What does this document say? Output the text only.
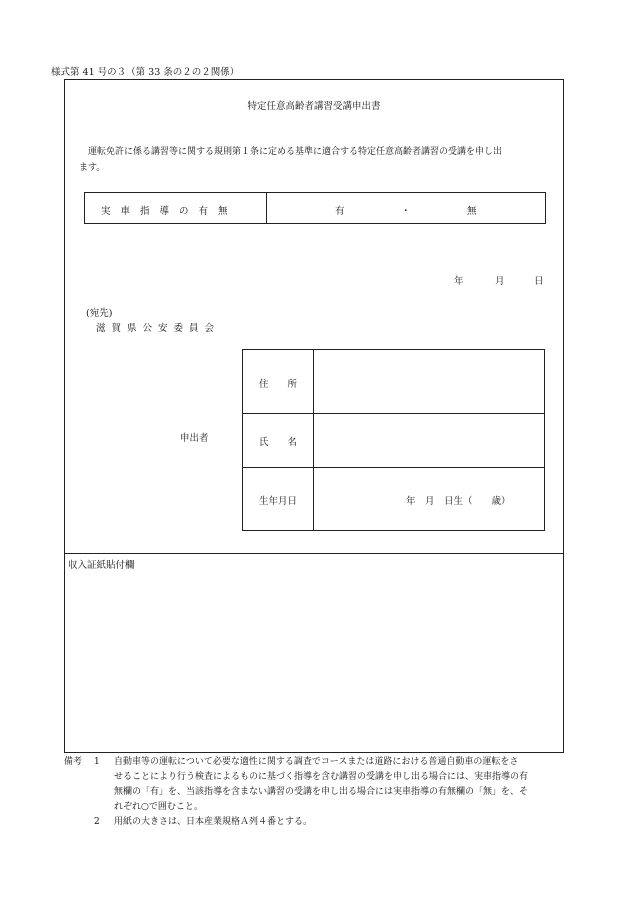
様式第 41 号の３（第 33 条の２の２関係）
特定任意高齢者講習受講申出書
運転免許に係る講習等に関する規則第１条に定める基準に適合する特定任意高齢者講習の受講を申し出
ます。
実車指導の有無	有	・	無
年	月	日
(宛先)
滋賀県公安委員会
申出者
住　　所
氏　　名
生年月日	年　月　日生（　　歳）
収入証紙貼付欄
備考	1	自動車等の運転について必要な適性に関する調査でコースまたは道路における普通自動車の運転をさ
せることにより行う検査によるものに基づく指導を含む講習の受講を申し出る場合には、実車指導の有
無欄の「有」を、当該指導を含まない講習の受講を申し出る場合には実車指導の有無欄の「無」を、そ
れぞれ○で囲むこと。
2	用紙の大きさは、日本産業規格Ａ列４番とする。
